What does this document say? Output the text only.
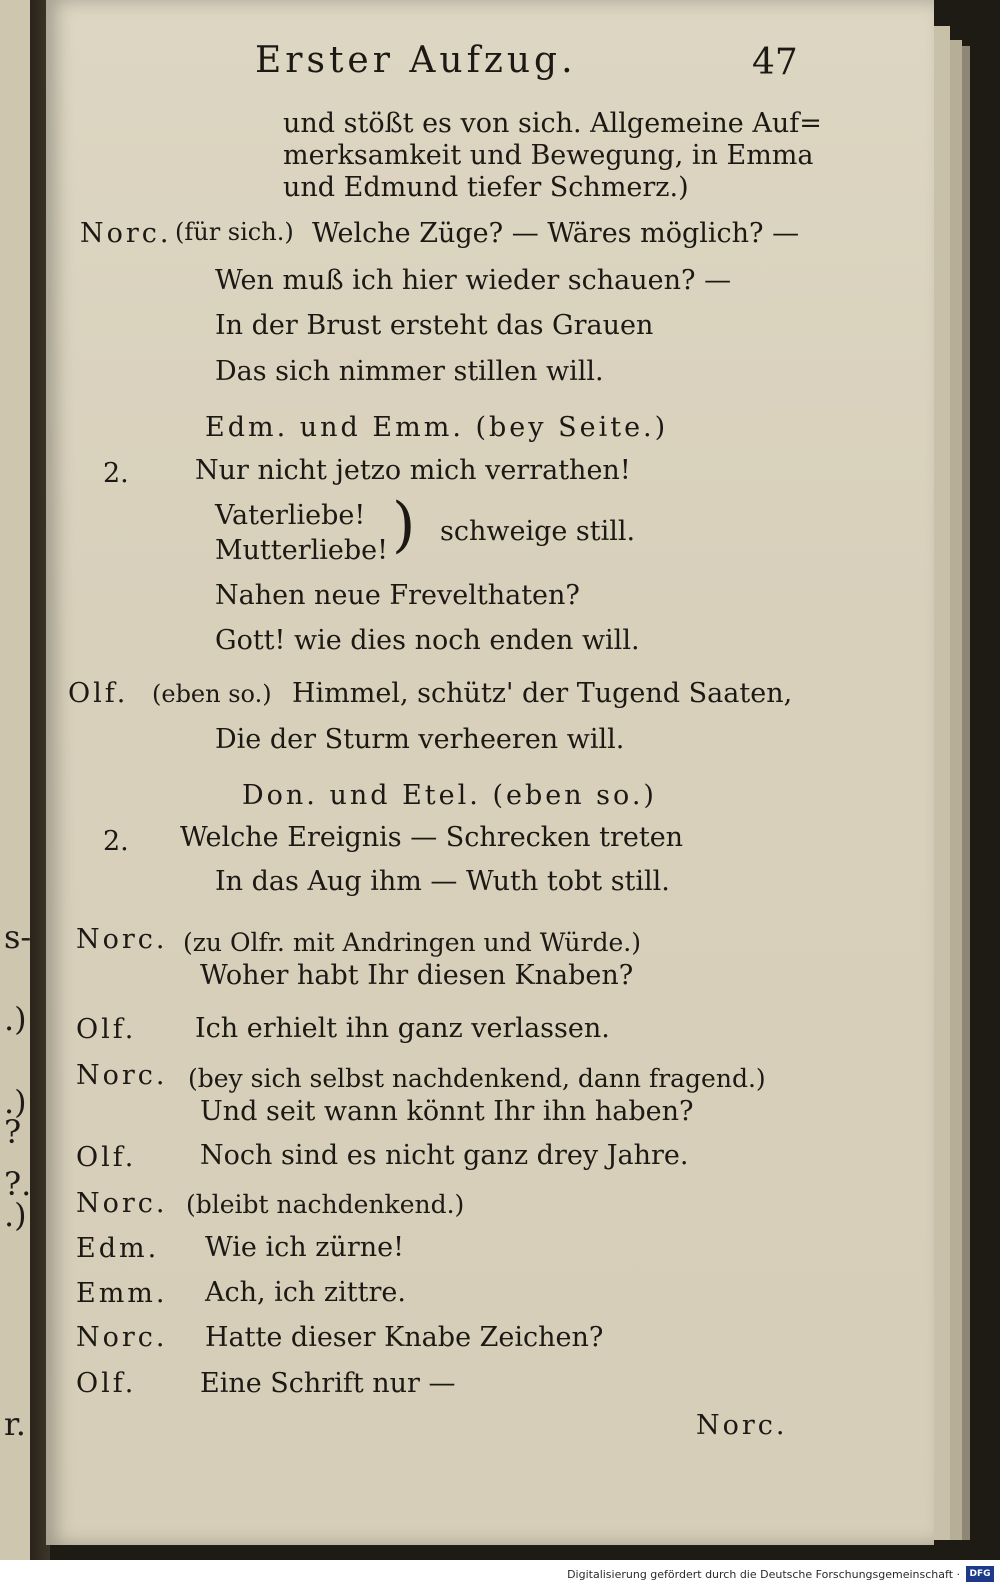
s-
.)
.)
?
?.
.)
r.
Erster Aufzug.	47
und stößt es von sich. Allgemeine Auf=
merksamkeit und Bewegung, in Emma
und Edmund tiefer Schmerz.)
Norc. (für sich.) Welche Züge? — Wäres möglich? —
Wen muß ich hier wieder schauen? —
In der Brust ersteht das Grauen
Das sich nimmer stillen will.
Edm. und Emm. (bey Seite.)
2. Nur nicht jetzo mich verrathen!
Vaterliebe!
Mutterliebe! ) schweige still.
Nahen neue Frevelthaten?
Gott! wie dies noch enden will.
Olf. (eben so.) Himmel, schütz' der Tugend Saaten,
Die der Sturm verheeren will.
Don. und Etel. (eben so.)
2. Welche Ereignis — Schrecken treten
In das Aug ihm — Wuth tobt still.
Norc. (zu Olfr. mit Andringen und Würde.)
Woher habt Ihr diesen Knaben?
Olf. Ich erhielt ihn ganz verlassen.
Norc. (bey sich selbst nachdenkend, dann fragend.)
Und seit wann könnt Ihr ihn haben?
Olf. Noch sind es nicht ganz drey Jahre.
Norc. (bleibt nachdenkend.)
Edm. Wie ich zürne!
Emm. Ach, ich zittre.
Norc. Hatte dieser Knabe Zeichen?
Olf. Eine Schrift nur —
Norc.
Digitalisierung gefördert durch die Deutsche Forschungsgemeinschaft ·	DFG
